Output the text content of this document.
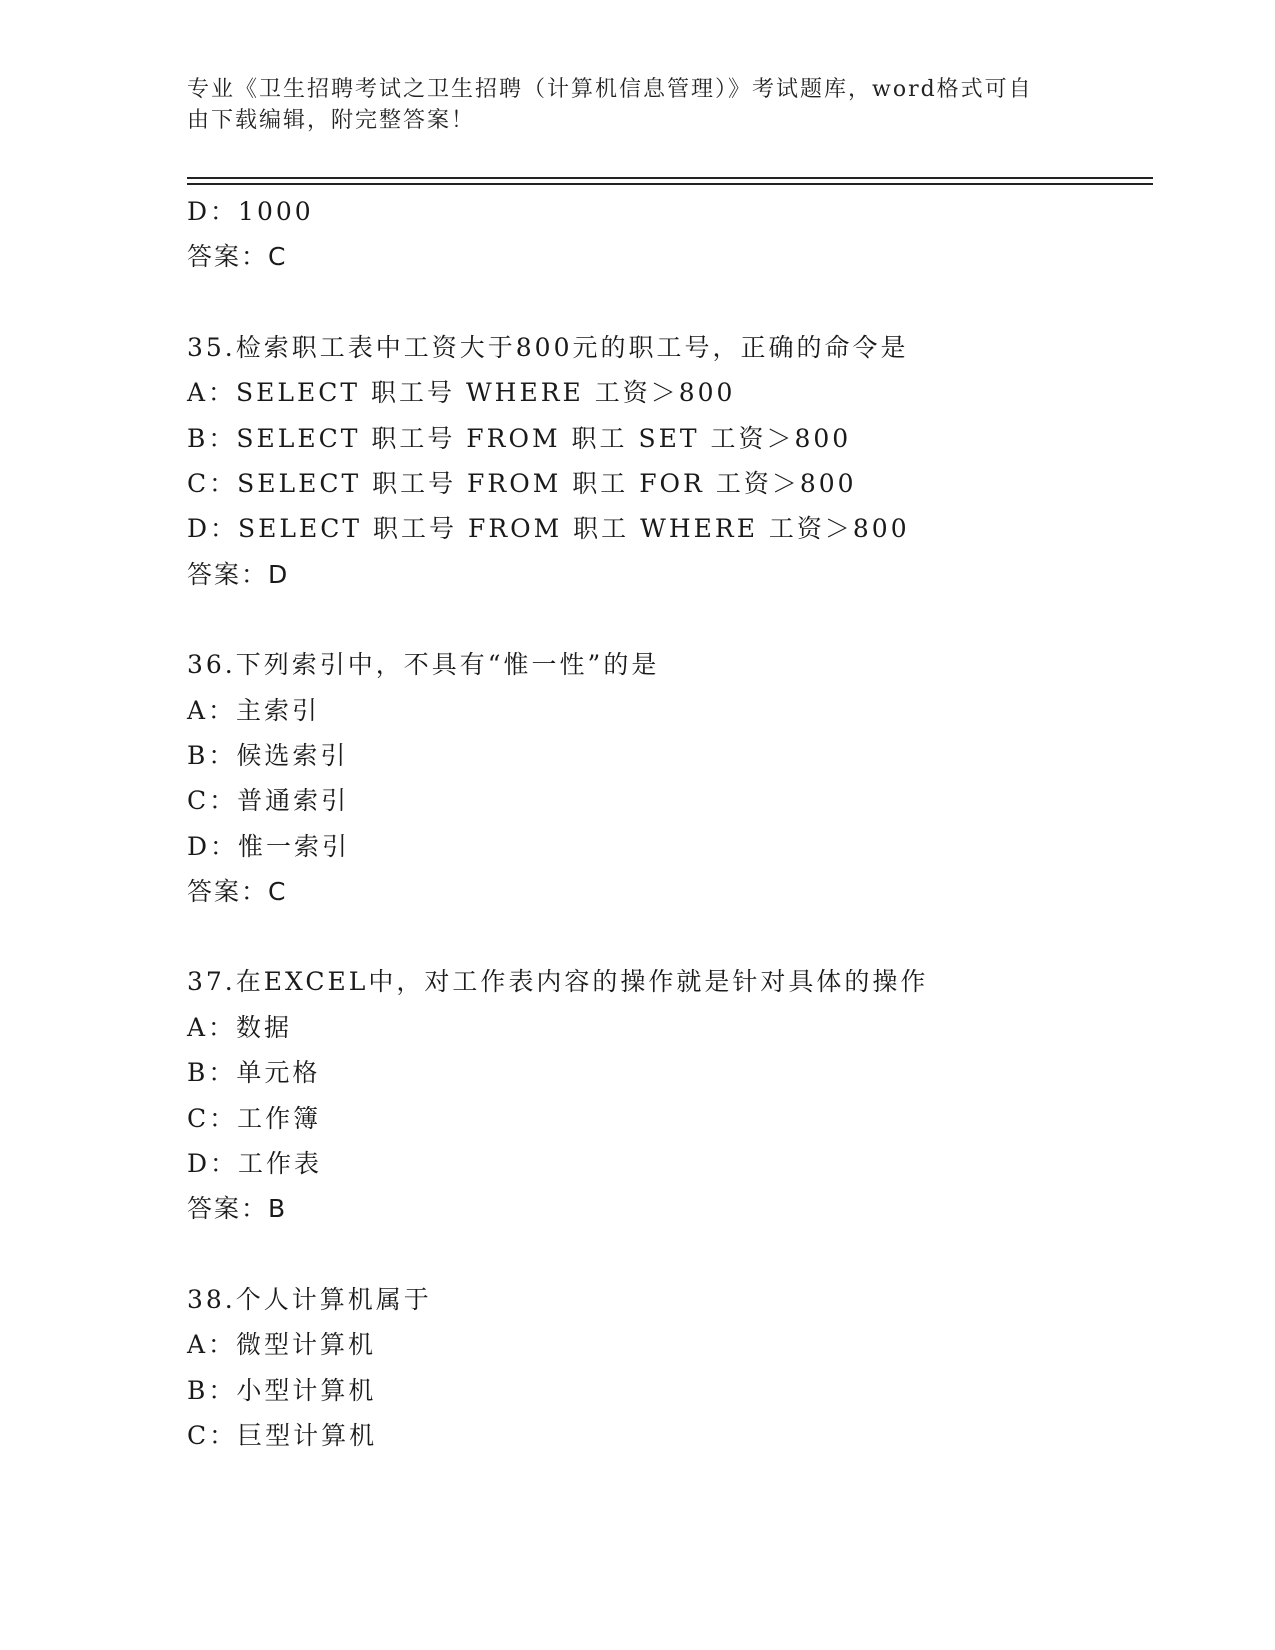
专业《卫生招聘考试之卫生招聘（计算机信息管理）》考试题库，word格式可自
由下载编辑，附完整答案！
D：1000
答案：C
35.检索职工表中工资大于800元的职工号，正确的命令是
A：SELECT 职工号 WHERE 工资＞800
B：SELECT 职工号 FROM 职工 SET 工资＞800
C：SELECT 职工号 FROM 职工 FOR 工资＞800
D：SELECT 职工号 FROM 职工 WHERE 工资＞800
答案：D
36.下列索引中，不具有“惟一性”的是
A：主索引
B：候选索引
C：普通索引
D：惟一索引
答案：C
37.在EXCEL中，对工作表内容的操作就是针对具体的操作
A：数据
B：单元格
C：工作簿
D：工作表
答案：B
38.个人计算机属于
A：微型计算机
B：小型计算机
C：巨型计算机
